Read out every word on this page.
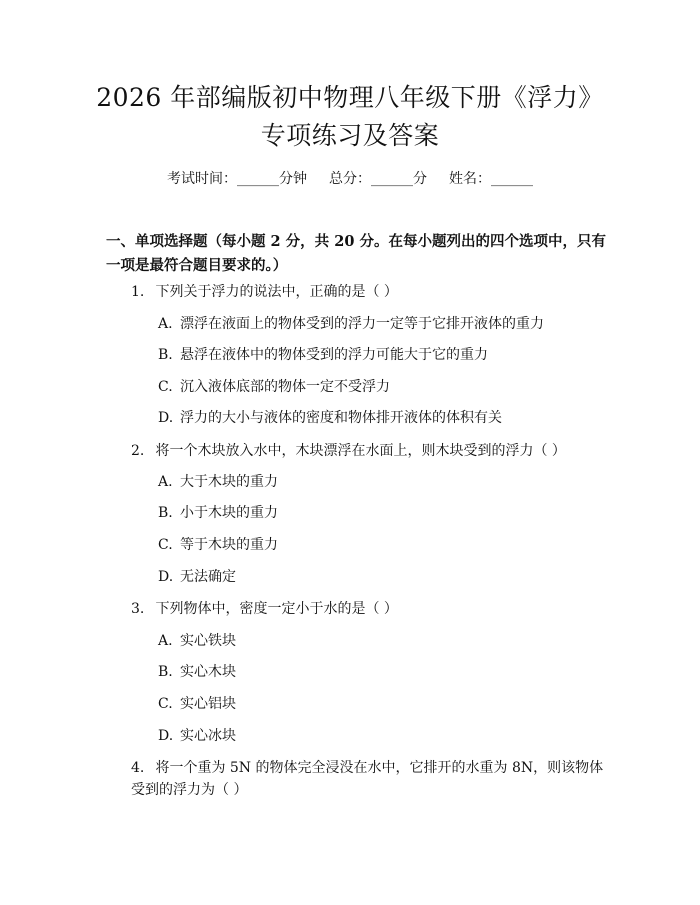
2026 年部编版初中物理八年级下册《浮力》
专项练习及答案
考试时间：______分钟 总分：______分 姓名：______

一、单项选择题（每小题 2 分，共 20 分。在每小题列出的四个选项中，只有一项是最符合题目要求的。）

1. 下列关于浮力的说法中，正确的是（ ）
A. 漂浮在液面上的物体受到的浮力一定等于它排开液体的重力
B. 悬浮在液体中的物体受到的浮力可能大于它的重力
C. 沉入液体底部的物体一定不受浮力
D. 浮力的大小与液体的密度和物体排开液体的体积有关
2. 将一个木块放入水中，木块漂浮在水面上，则木块受到的浮力（ ）
A. 大于木块的重力
B. 小于木块的重力
C. 等于木块的重力
D. 无法确定
3. 下列物体中，密度一定小于水的是（ ）
A. 实心铁块
B. 实心木块
C. 实心铝块
D. 实心冰块
4. 将一个重为 5N 的物体完全浸没在水中，它排开的水重为 8N，则该物体受到的浮力为（ ）
